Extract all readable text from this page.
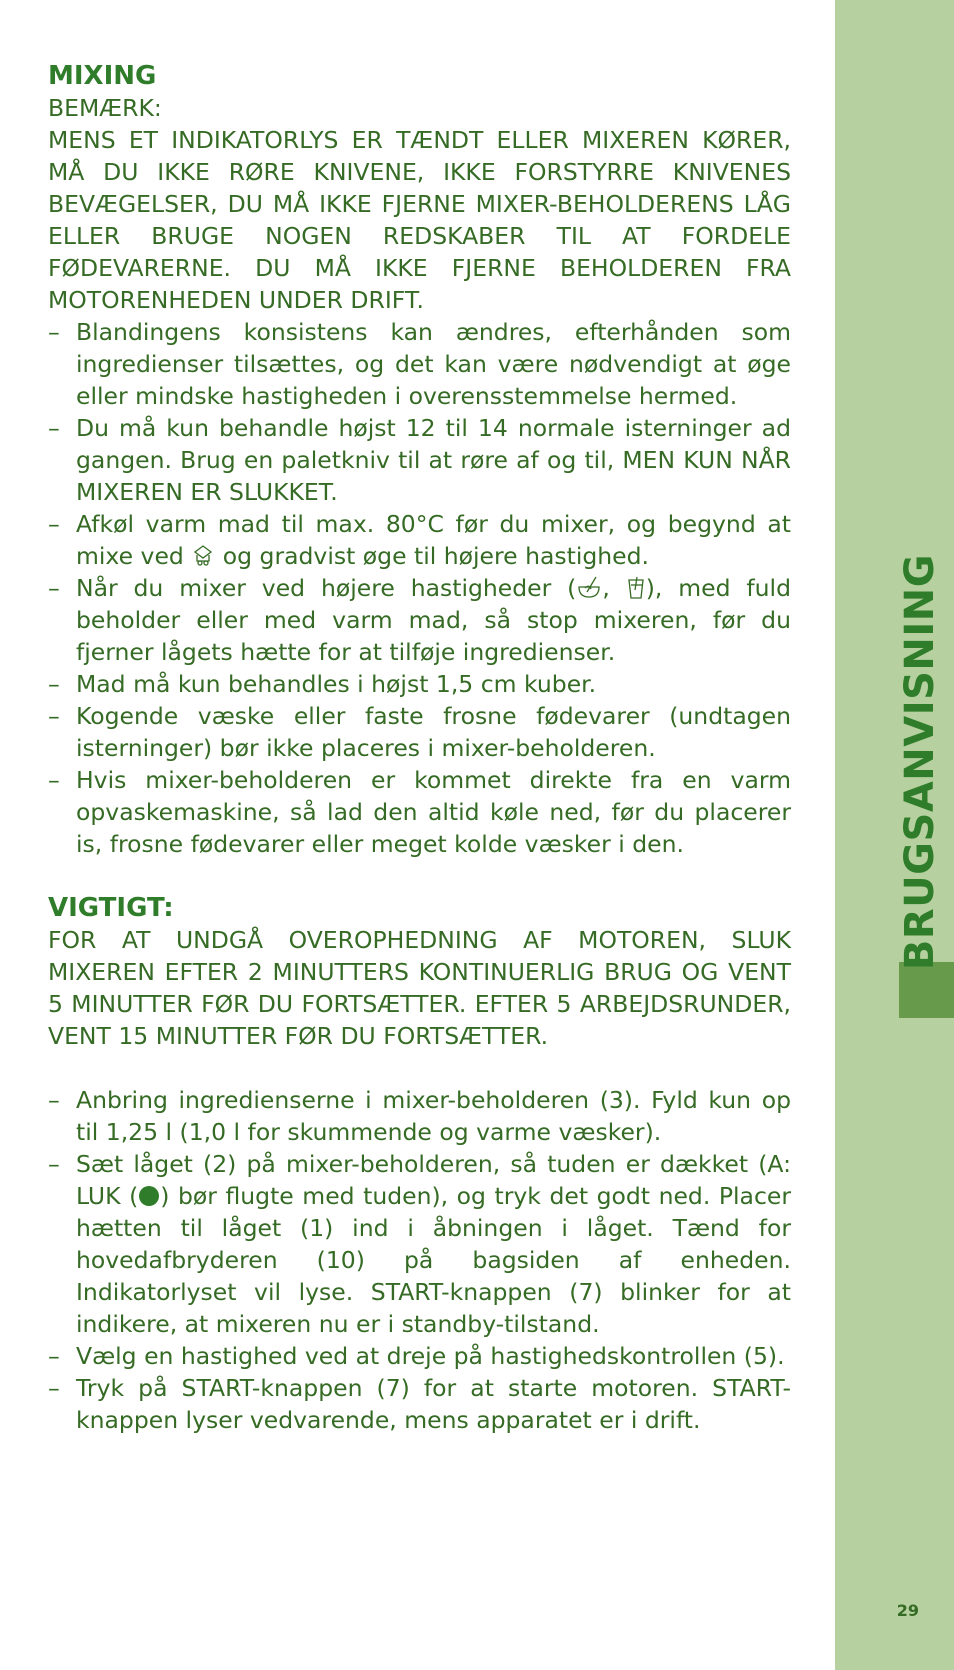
MIXING
BEMÆRK:
MENS ET INDIKATORLYS ER TÆNDT ELLER MIXEREN KØRER, MÅ DU IKKE RØRE KNIVENE, IKKE FORSTYRRE KNIVENES BEVÆGELSER, DU MÅ IKKE FJERNE MIXER-BEHOLDERENS LÅG ELLER BRUGE NOGEN REDSKABER TIL AT FORDELE FØDEVARERNE. DU MÅ IKKE FJERNE BEHOLDEREN FRA MOTORENHEDEN UNDER DRIFT.
– Blandingens konsistens kan ændres, efterhånden som ingredienser tilsættes, og det kan være nødvendigt at øge eller mindske hastigheden i overensstemmelse hermed.
– Du må kun behandle højst 12 til 14 normale isterninger ad gangen. Brug en paletkniv til at røre af og til, MEN KUN NÅR MIXEREN ER SLUKKET.
– Afkøl varm mad til max. 80°C før du mixer, og begynd at mixe ved
og gradvist øge til højere hastighed.
– Når du mixer ved højere hastigheder ( ,
), med fuld beholder eller med varm mad, så stop mixeren, før du fjerner lågets hætte for at tilføje ingredienser.
– Mad må kun behandles i højst 1,5 cm kuber.
– Kogende væske eller faste frosne fødevarer (undtagen isterninger) bør ikke placeres i mixer-beholderen.
– Hvis mixer-beholderen er kommet direkte fra en varm opvaskemaskine, så lad den altid køle ned, før du placerer is, frosne fødevarer eller meget kolde væsker i den.
VIGTIGT:
FOR AT UNDGÅ OVEROPHEDNING AF MOTOREN, SLUK MIXEREN EFTER 2 MINUTTERS KONTINUERLIG BRUG OG VENT 5 MINUTTER FØR DU FORTSÆTTER. EFTER 5 ARBEJDSRUNDER, VENT 15 MINUTTER FØR DU FORTSÆTTER.
– Anbring ingredienserne i mixer-beholderen (3). Fyld kun op til 1,25 l (1,0 l for skummende og varme væsker).
– Sæt låget (2) på mixer-beholderen, så tuden er dækket (A: LUK ( ) bør flugte med tuden), og tryk det godt ned. Placer hætten til låget (1) ind i åbningen i låget. Tænd for hovedafbryderen (10) på bagsiden af enheden. Indikatorlyset vil lyse. START-knappen (7) blinker for at indikere, at mixeren nu er i standby-tilstand.
– Vælg en hastighed ved at dreje på hastighedskontrollen (5).
– Tryk på START-knappen (7) for at starte motoren. START-knappen lyser vedvarende, mens apparatet er i drift.
BRUGSANVISNING
29
